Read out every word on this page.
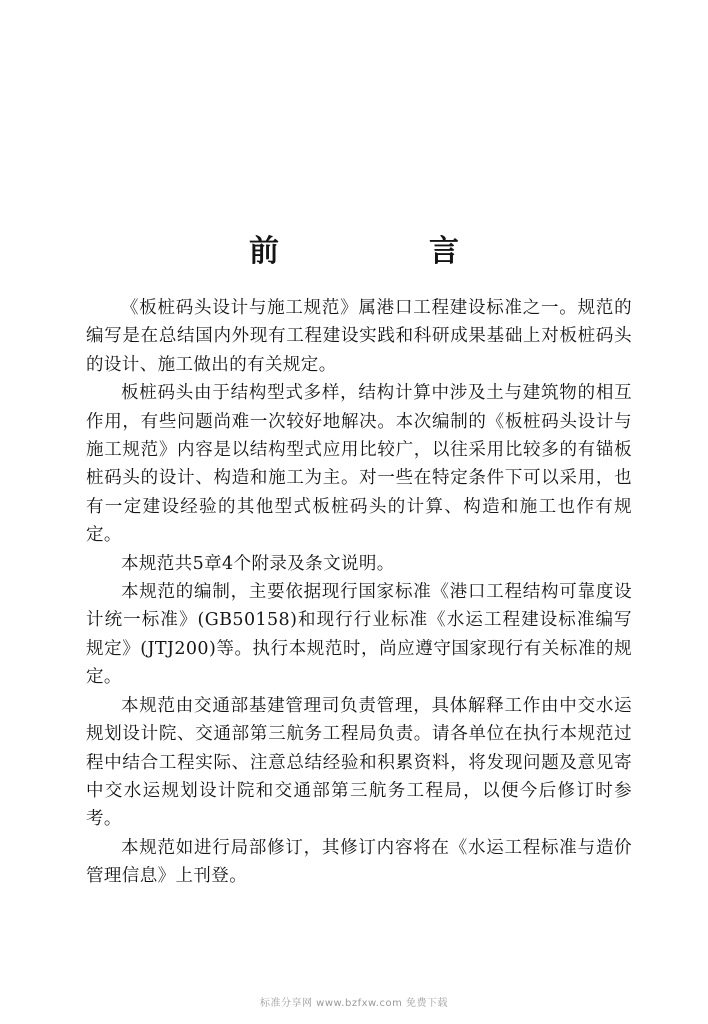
前　言

《板桩码头设计与施工规范》属港口工程建设标准之一。规范的编写是在总结国内外现有工程建设实践和科研成果基础上对板桩码头的设计、施工做出的有关规定。

板桩码头由于结构型式多样，结构计算中涉及土与建筑物的相互作用，有些问题尚难一次较好地解决。本次编制的《板桩码头设计与施工规范》内容是以结构型式应用比较广，以往采用比较多的有锚板桩码头的设计、构造和施工为主。对一些在特定条件下可以采用，也有一定建设经验的其他型式板桩码头的计算、构造和施工也作有规定。

本规范共5章4个附录及条文说明。

本规范的编制，主要依据现行国家标准《港口工程结构可靠度设计统一标准》(GB50158)和现行行业标准《水运工程建设标准编写规定》(JTJ200)等。执行本规范时，尚应遵守国家现行有关标准的规定。

本规范由交通部基建管理司负责管理，具体解释工作由中交水运规划设计院、交通部第三航务工程局负责。请各单位在执行本规范过程中结合工程实际、注意总结经验和积累资料，将发现问题及意见寄中交水运规划设计院和交通部第三航务工程局，以便今后修订时参考。

本规范如进行局部修订，其修订内容将在《水运工程标准与造价管理信息》上刊登。

标准分享网 www.bzfxw.com 免费下载
